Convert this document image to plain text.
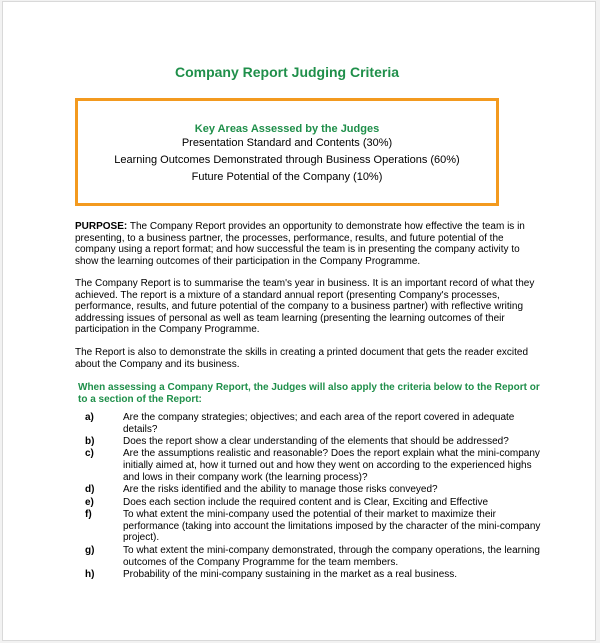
Company Report Judging Criteria
Key Areas Assessed by the Judges
Presentation Standard and Contents (30%)
Learning Outcomes Demonstrated through Business Operations (60%)
Future Potential of the Company (10%)
PURPOSE: The Company Report provides an opportunity to demonstrate how effective the team is in presenting, to a business partner, the processes, performance, results, and future potential of the company using a report format; and how successful the team is in presenting the company activity to show the learning outcomes of their participation in the Company Programme.
The Company Report is to summarise the team's year in business. It is an important record of what they achieved. The report is a mixture of a standard annual report (presenting Company's processes, performance, results, and future potential of the company to a business partner) with reflective writing addressing issues of personal as well as team learning (presenting the learning outcomes of their participation in the Company Programme.
The Report is also to demonstrate the skills in creating a printed document that gets the reader excited about the Company and its business.
When assessing a Company Report, the Judges will also apply the criteria below to the Report or to a section of the Report:
a)	Are the company strategies; objectives; and each area of the report covered in adequate details?
b)	Does the report show a clear understanding of the elements that should be addressed?
c)	Are the assumptions realistic and reasonable? Does the report explain what the mini-company initially aimed at, how it turned out and how they went on according to the experienced highs and lows in their company work (the learning process)?
d)	Are the risks identified and the ability to manage those risks conveyed?
e)	Does each section include the required content and is Clear, Exciting and Effective
f)	To what extent the mini-company used the potential of their market to maximize their performance (taking into account the limitations imposed by the character of the mini-company project).
g)	To what extent the mini-company demonstrated, through the company operations, the learning outcomes of the Company Programme for the team members.
h)	Probability of the mini-company sustaining in the market as a real business.
